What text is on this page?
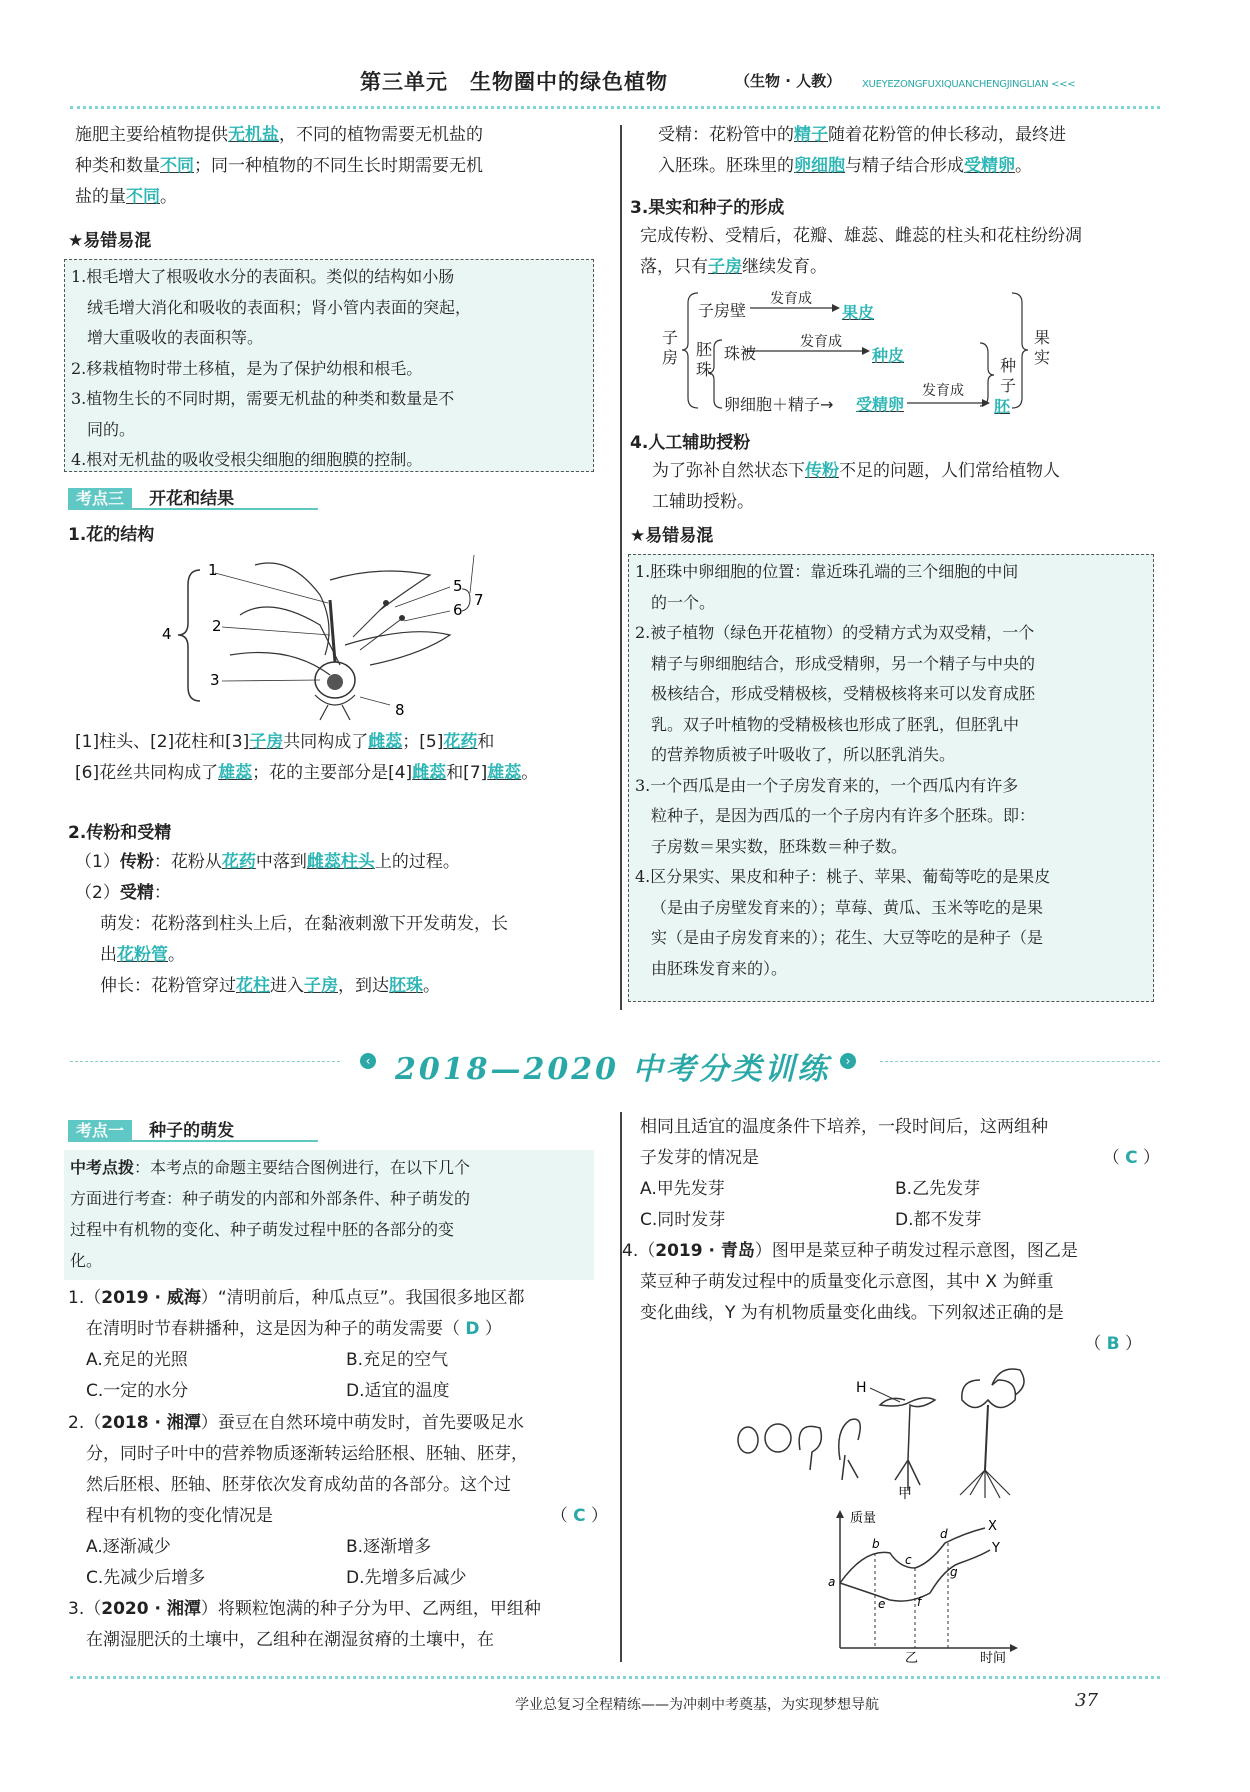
第三单元　生物圈中的绿色植物	（生物 · 人教） XUEYEZONGFUXIQUANCHENGJINGLIAN <<<
施肥主要给植物提供无机盐，不同的植物需要无机盐的
种类和数量不同；同一种植物的不同生长时期需要无机
盐的量不同。
★易错易混
1.根毛增大了根吸收水分的表面积。类似的结构如小肠
绒毛增大消化和吸收的表面积；肾小管内表面的突起，
增大重吸收的表面积等。
2.移栽植物时带土移植，是为了保护幼根和根毛。
3.植物生长的不同时期，需要无机盐的种类和数量是不
同的。
4.根对无机盐的吸收受根尖细胞的细胞膜的控制。
考点三 开花和结果
1.花的结构
1
2
3
4
5
6
7
8
[1]柱头、[2]花柱和[3]子房共同构成了雌蕊；[5]花药和
[6]花丝共同构成了雄蕊；花的主要部分是[4]雌蕊和[7]雄蕊。
2.传粉和受精
（1）传粉：花粉从花药中落到雌蕊柱头上的过程。
（2）受精：
萌发：花粉落到柱头上后，在黏液刺激下开发萌发，长
出花粉管。
伸长：花粉管穿过花柱进入子房，到达胚珠。
受精：花粉管中的精子随着花粉管的伸长移动，最终进
入胚珠。胚珠里的卵细胞与精子结合形成受精卵。
3.果实和种子的形成
完成传粉、受精后，花瓣、雄蕊、雌蕊的柱头和花柱纷纷凋
落，只有子房继续发育。
子房
子房壁
发育成
果皮
胚珠
珠被
发育成
种皮
卵细胞＋精子→ 受精卵
发育成
胚
种子
果实
4.人工辅助授粉
为了弥补自然状态下传粉不足的问题，人们常给植物人
工辅助授粉。
★易错易混
1.胚珠中卵细胞的位置：靠近珠孔端的三个细胞的中间
的一个。
2.被子植物（绿色开花植物）的受精方式为双受精，一个
精子与卵细胞结合，形成受精卵，另一个精子与中央的
极核结合，形成受精极核，受精极核将来可以发育成胚
乳。双子叶植物的受精极核也形成了胚乳，但胚乳中
的营养物质被子叶吸收了，所以胚乳消失。
3.一个西瓜是由一个子房发育来的，一个西瓜内有许多
粒种子，是因为西瓜的一个子房内有许多个胚珠。即：
子房数＝果实数，胚珠数＝种子数。
4.区分果实、果皮和种子：桃子、苹果、葡萄等吃的是果皮
（是由子房壁发育来的）；草莓、黄瓜、玉米等吃的是果
实（是由子房发育来的）；花生、大豆等吃的是种子（是
由胚珠发育来的）。
‹ 2018—2020 中考分类训练	›
考点一 种子的萌发
中考点拨：本考点的命题主要结合图例进行，在以下几个
方面进行考查：种子萌发的内部和外部条件、种子萌发的
过程中有机物的变化、种子萌发过程中胚的各部分的变
化。
1.（2019 · 威海）“清明前后，种瓜点豆”。我国很多地区都
在清明时节春耕播种，这是因为种子的萌发需要（ D ）
A.充足的光照	B.充足的空气
C.一定的水分	D.适宜的温度
2.（2018 · 湘潭）蚕豆在自然环境中萌发时，首先要吸足水
分，同时子叶中的营养物质逐渐转运给胚根、胚轴、胚芽，
然后胚根、胚轴、胚芽依次发育成幼苗的各部分。这个过
程中有机物的变化情况是	（ C ）
A.逐渐减少	B.逐渐增多
C.先减少后增多	D.先增多后减少
3.（2020 · 湘潭）将颗粒饱满的种子分为甲、乙两组，甲组种
在潮湿肥沃的土壤中，乙组种在潮湿贫瘠的土壤中，在
相同且适宜的温度条件下培养，一段时间后，这两组种
子发芽的情况是	（ C ）
A.甲先发芽	B.乙先发芽
C.同时发芽	D.都不发芽
4.（2019 · 青岛）图甲是菜豆种子萌发过程示意图，图乙是
菜豆种子萌发过程中的质量变化示意图，其中 X 为鲜重
变化曲线，Y 为有机物质量变化曲线。下列叙述正确的是
（ B ）
H
甲
a
b
c
d
e	f
g
X
Y
质量
时间
乙
学业总复习全程精练——为冲刺中考奠基，为实现梦想导航	37
